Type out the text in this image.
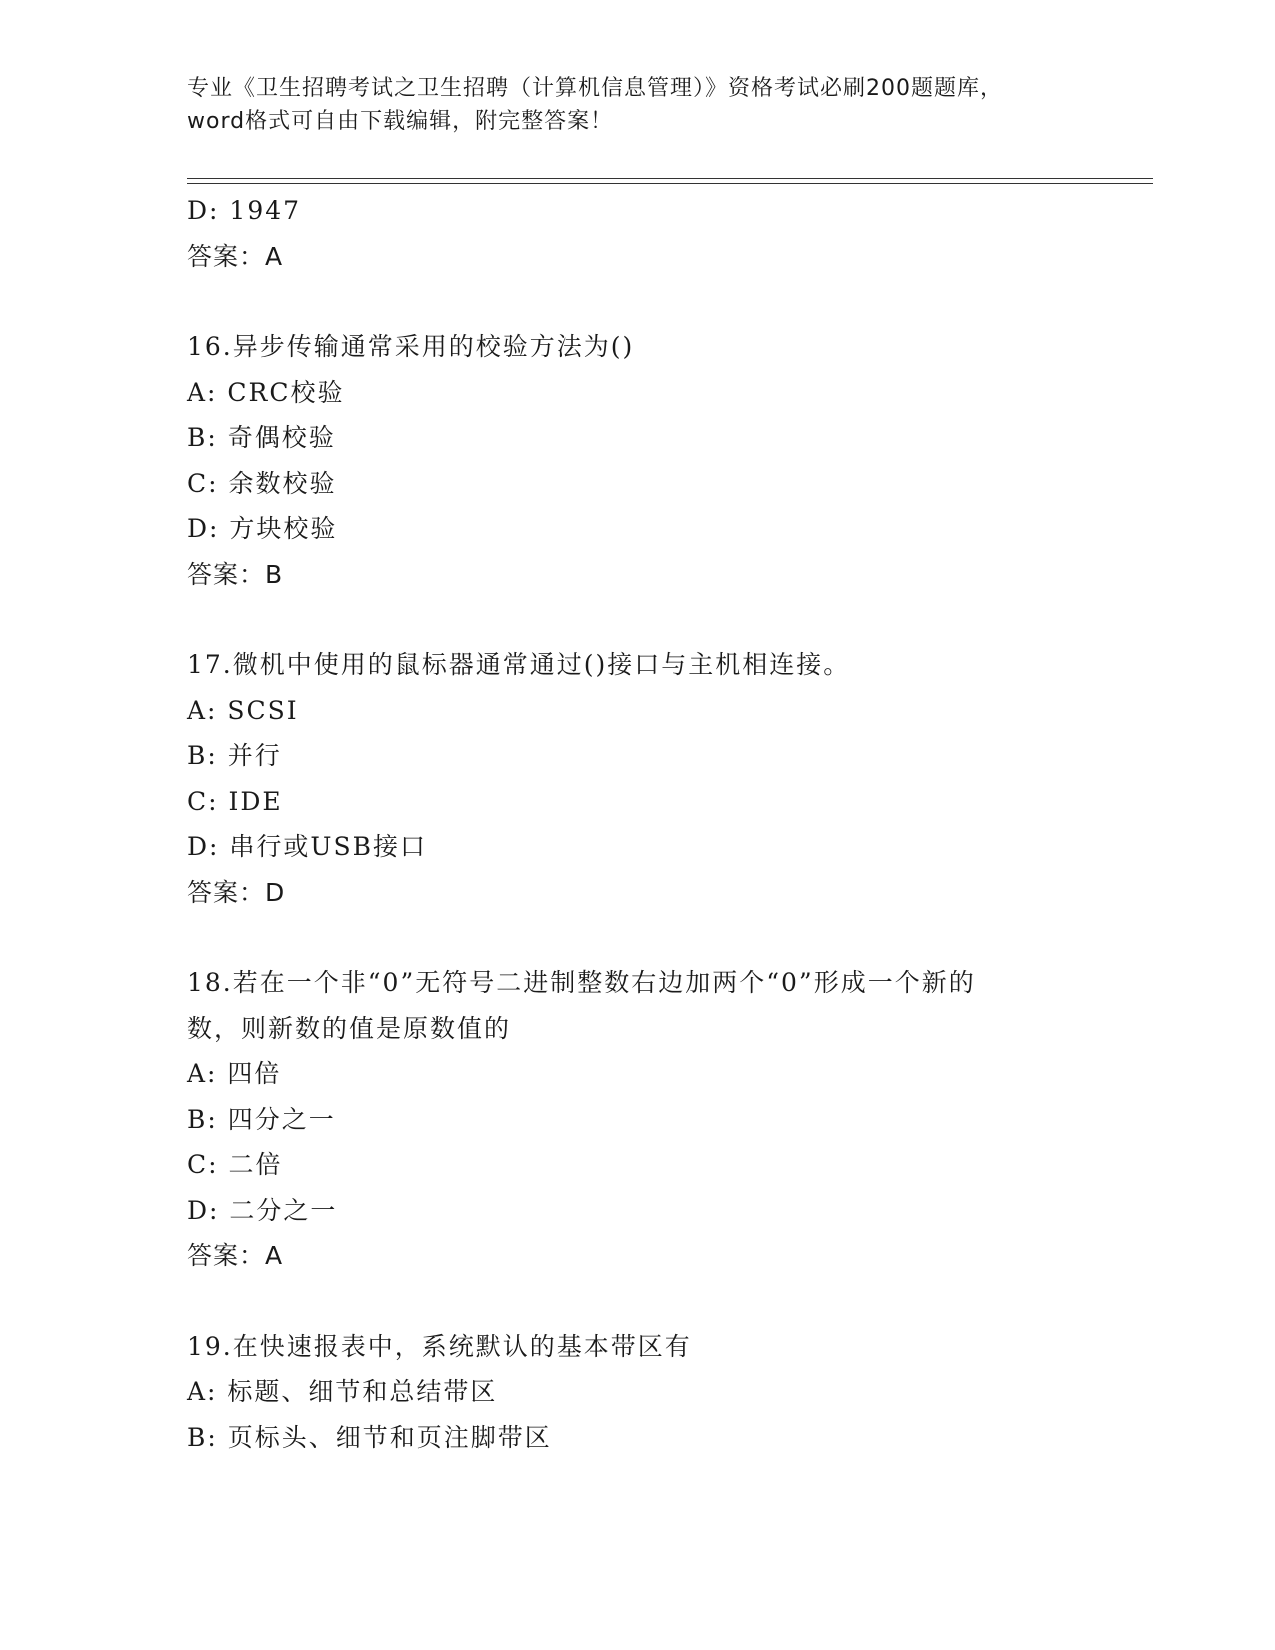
专业《卫生招聘考试之卫生招聘（计算机信息管理）》资格考试必刷200题题库，
word格式可自由下载编辑，附完整答案！
D: 1947
答案：A
16.异步传输通常采用的校验方法为()
A: CRC校验
B: 奇偶校验
C: 余数校验
D: 方块校验
答案：B
17.微机中使用的鼠标器通常通过()接口与主机相连接。
A: SCSI
B: 并行
C: IDE
D: 串行或USB接口
答案：D
18.若在一个非“0”无符号二进制整数右边加两个“0”形成一个新的
数，则新数的值是原数值的
A: 四倍
B: 四分之一
C: 二倍
D: 二分之一
答案：A
19.在快速报表中，系统默认的基本带区有
A: 标题、细节和总结带区
B: 页标头、细节和页注脚带区
